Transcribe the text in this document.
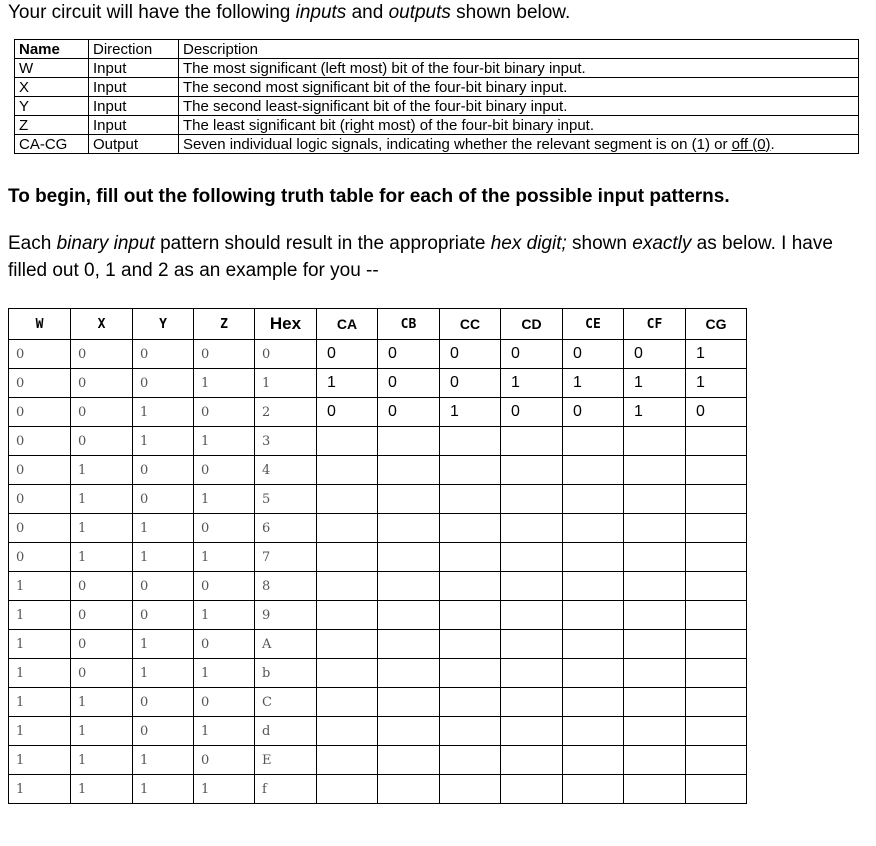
Your circuit will have the following inputs and outputs shown below.
Name	Direction	Description
W	Input	The most significant (left most) bit of the four-bit binary input.
X	Input	The second most significant bit of the four-bit binary input.
Y	Input	The second least-significant bit of the four-bit binary input.
Z	Input	The least significant bit (right most) of the four-bit binary input.
CA-CG	Output	Seven individual logic signals, indicating whether the relevant segment is on (1) or off (0).
To begin, fill out the following truth table for each of the possible input patterns.
Each binary input pattern should result in the appropriate hex digit; shown exactly as below. I have filled out 0, 1 and 2 as an example for you --
W	X	Y	Z	Hex	CA	CB	CC	CD	CE	CF	CG
0	0	0	0	0	0	0	0	0	0	0	1
0	0	0	1	1	1	0	0	1	1	1	1
0	0	1	0	2	0	0	1	0	0	1	0
0	0	1	1	3							
0	1	0	0	4							
0	1	0	1	5							
0	1	1	0	6							
0	1	1	1	7							
1	0	0	0	8							
1	0	0	1	9							
1	0	1	0	A							
1	0	1	1	b							
1	1	0	0	C							
1	1	0	1	d							
1	1	1	0	E							
1	1	1	1	f							
